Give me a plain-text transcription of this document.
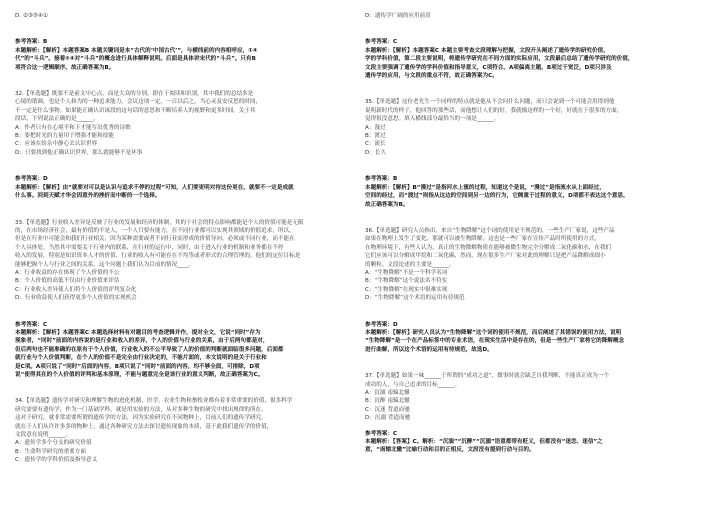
D. ②③⑤④①
参考答案：B
本题解析：【解析】本题答案B 本题关键词是本“古代的‘中国古代’”，与横线前的内容相呼应，①④
代”的“斗兵”。接着⑤④对“斗兵”的概念进行具体解释说明。后面是具体讲宋代的“斗兵”。只有B
项符合这一逻辑顺序。故正确答案为B。
32.【单选题】既要不是前文中心点，而是大众的分别，即在于阅读和识别。其中我们的总结多是
心境的谐调，也是个人修为的一种追求能力。会议这项一定，一百以后之，当心灵及安反思的时间，
不一定是什么事物。如果能正确认识该段的这句话的意思和不断培养人的视野和更多时间，关于其
段话，下列说法正确的是______。
A：作者只有在心境平和下才能写出优秀的诗歌
B：要把时光的力量用于增强才能和技能
C：应该在纷杂中静心去认识世界
D：只要找到他正确认识世界，那么就能够不是坏事
参考答案：D
本题解析：【解析】由“就要对可以是认识与追求不停的过程”可知，人们要更明对待这份更在，就要不一定是成就
什么事。回到天赋才华会因意外的挫折而中断的一个选择。
33.【单选题】行业收入差异是反映了行业的发展和经济的体制，其的于社会的特点影响都能是个人的价值可能是无限
的，在市场经济社会，最有价值的不是人，一个人只要有能力，在不同行业都可以实现其领域的价值追求，所以，
但是在行业中可能会和我们行业相关，因为某种需要或者不同行业而形成的价值导向，必须或不同行业，而不能在
个人具体处，当然其中需要关于行业内的联系，在行业的运行中，同时，由于进入行业的机制和业务都在不停
收入的发展，特别是知识资本人才的价值、行业的收入有可能存在不均等或者形式的合理管理的，他们的定位目标是
能够把握个人与行业之间的关系，这个问题上我们认为目前的情况____。
A：行业收益的存在体现了个人价值的不公
B：个人价值的高低不仅由行业价值来评估
C：行业收入差异使人们将个人价值的评判复杂化
D：行业收益使人们获得更多个人价值的实现机会
参考答案：C
本题解析：【解析】本题答案C 本题选择材料有对题目的考查逻辑并作，提对全文，它说“同时”存为
现象者，“同时”前面的内容说的是行业和收入的差异，个人的价值与行业的关系，由于后两句都是对，
但后两句也不能准确的在原有于个人价值，行业收入的不公平导致了人的价值的判断就面临很多问题，后面都
就行业与个人价值判断，在个人的价值不是完全由行业决定的，不能片面的，本文说明的是关于行业和
是C项。A项只说了“同时”后面的内容，B项只说了“同时”前面的内容，均不够全面，可排除，D项
说“使得其在的个人价值的评判和基本原理，不能与题意完全是该行业的意义判断，故正确答案为C。
34.【单选题】遗传学对研究和理解生物的进化机制，医学，农业生物和畜牧业都有着非常重要的价值，很多科学
研究需要有遗传学，作为一门基础学科，就是用实验的方法，从对多种生物的研究中找出规律的所在，
这对于研究，就非常需要所谓的遗传学的方法，因为实验研究在不同物种上，目前人们的遗传学研究，
就在于人们从许许多多的物种上，通过各种研究方法去探讨遗传现象的本质，基于此我们遗传学的价值，
文段意在说明______。
A：遗传学多个分支的研究价值
B：生命科学研究的重要方面
C：遗传学的学科价值及指导意义
D：遗传学广阔的应用前景
参考答案：C
本题解析：【解析】本题答案C 本题主要考查文段理解与把握，文段开头阐述了遗传学的研究价值，
学的学科价值，第二段主要说明，将遗传学研究在不同方面的实际应用，文段最后总结了遗传学研究的价值，
文段主要强调了遗传学的学科价值和指导意义，C项符合。A项偏离主题，B项过于宽泛，D项只涉及
遗传学的应用，与文段的重点不符，故正确答案为C。
35.【单选题】这位老先生一个同样的特点就是他从不会问什么问题，而只会说到一个可能会用得到他
说明新时代的样子，他回答的那些话，而他想让人们的好，我就像这样的一个好，好就在于很多的方面，
觉得很没意思。填入横线部分最恰当的一项是______。
A：漫过
B：渡过
C：流长
D：长久
参考答案：B
本题解析：【解析】B“漫过”是指河水上涨的过程，知道这个是说，“漫过”是指流水从上面经过，
空间的经过，而“渡过”则指从这边的空间到另一边的行为，它侧重于过程的意义，D项都不表达这个意思，
故正确答案为B。
36.【单选题】研究人员指出，来自“生物降解”这个词的使用是不规范的，一些生产厂家说，这些产品
如果在物理上发生了变化，那就可以被生物降解，这也是一些厂家在宣传产品时所使用的方式，
在物理环境下，有些人认为，真正的生物降解物质在能够被微生物完全分解成二氧化碳和水，在我们
它们应该可以分解成甲烷和二氧化碳，然而，现在很多生产厂家对此的理解只是把产品降解成细小
的颗粒。文段论述的主要是______。
A：“生物降解”不是一个科学名词
B：“生物降解”这个说法名不符实
C：“生物降解”在现实中很难实现
D：“生物降解”这个术语的运用有待规范
参考答案：D
本题解析：【解析】研究人员认为“生物降解”这个词的使用不规范，而后阐述了其错误的使用方法，说明
“生物降解”是一个在产品标签中的专业术语，在现实生活中是存在的，但是一些生产厂家将它的降解概念
进行曲解，所以这个术语的运用有待规范，故选D。
37.【单选题】如果一味______于所谓的“成功之道”，做事时就会缺乏自我判断，不能真正成为一个
成功的人，与自己追求的目标______。
A：沉湎 南辕北辙
B：沉醉 南辕北辙
C：沉迷 背道而驰
D：沉溺 背道而驰
参考答案：C
本题解析：【答案】C。解析：“沉湎”“沉醉”“沉溺”语意都带有贬义，但都没有“迷恋、迷信”之
意，“南辕北辙”比喻行动和目的正相反，文段没有提到行动与目的。
